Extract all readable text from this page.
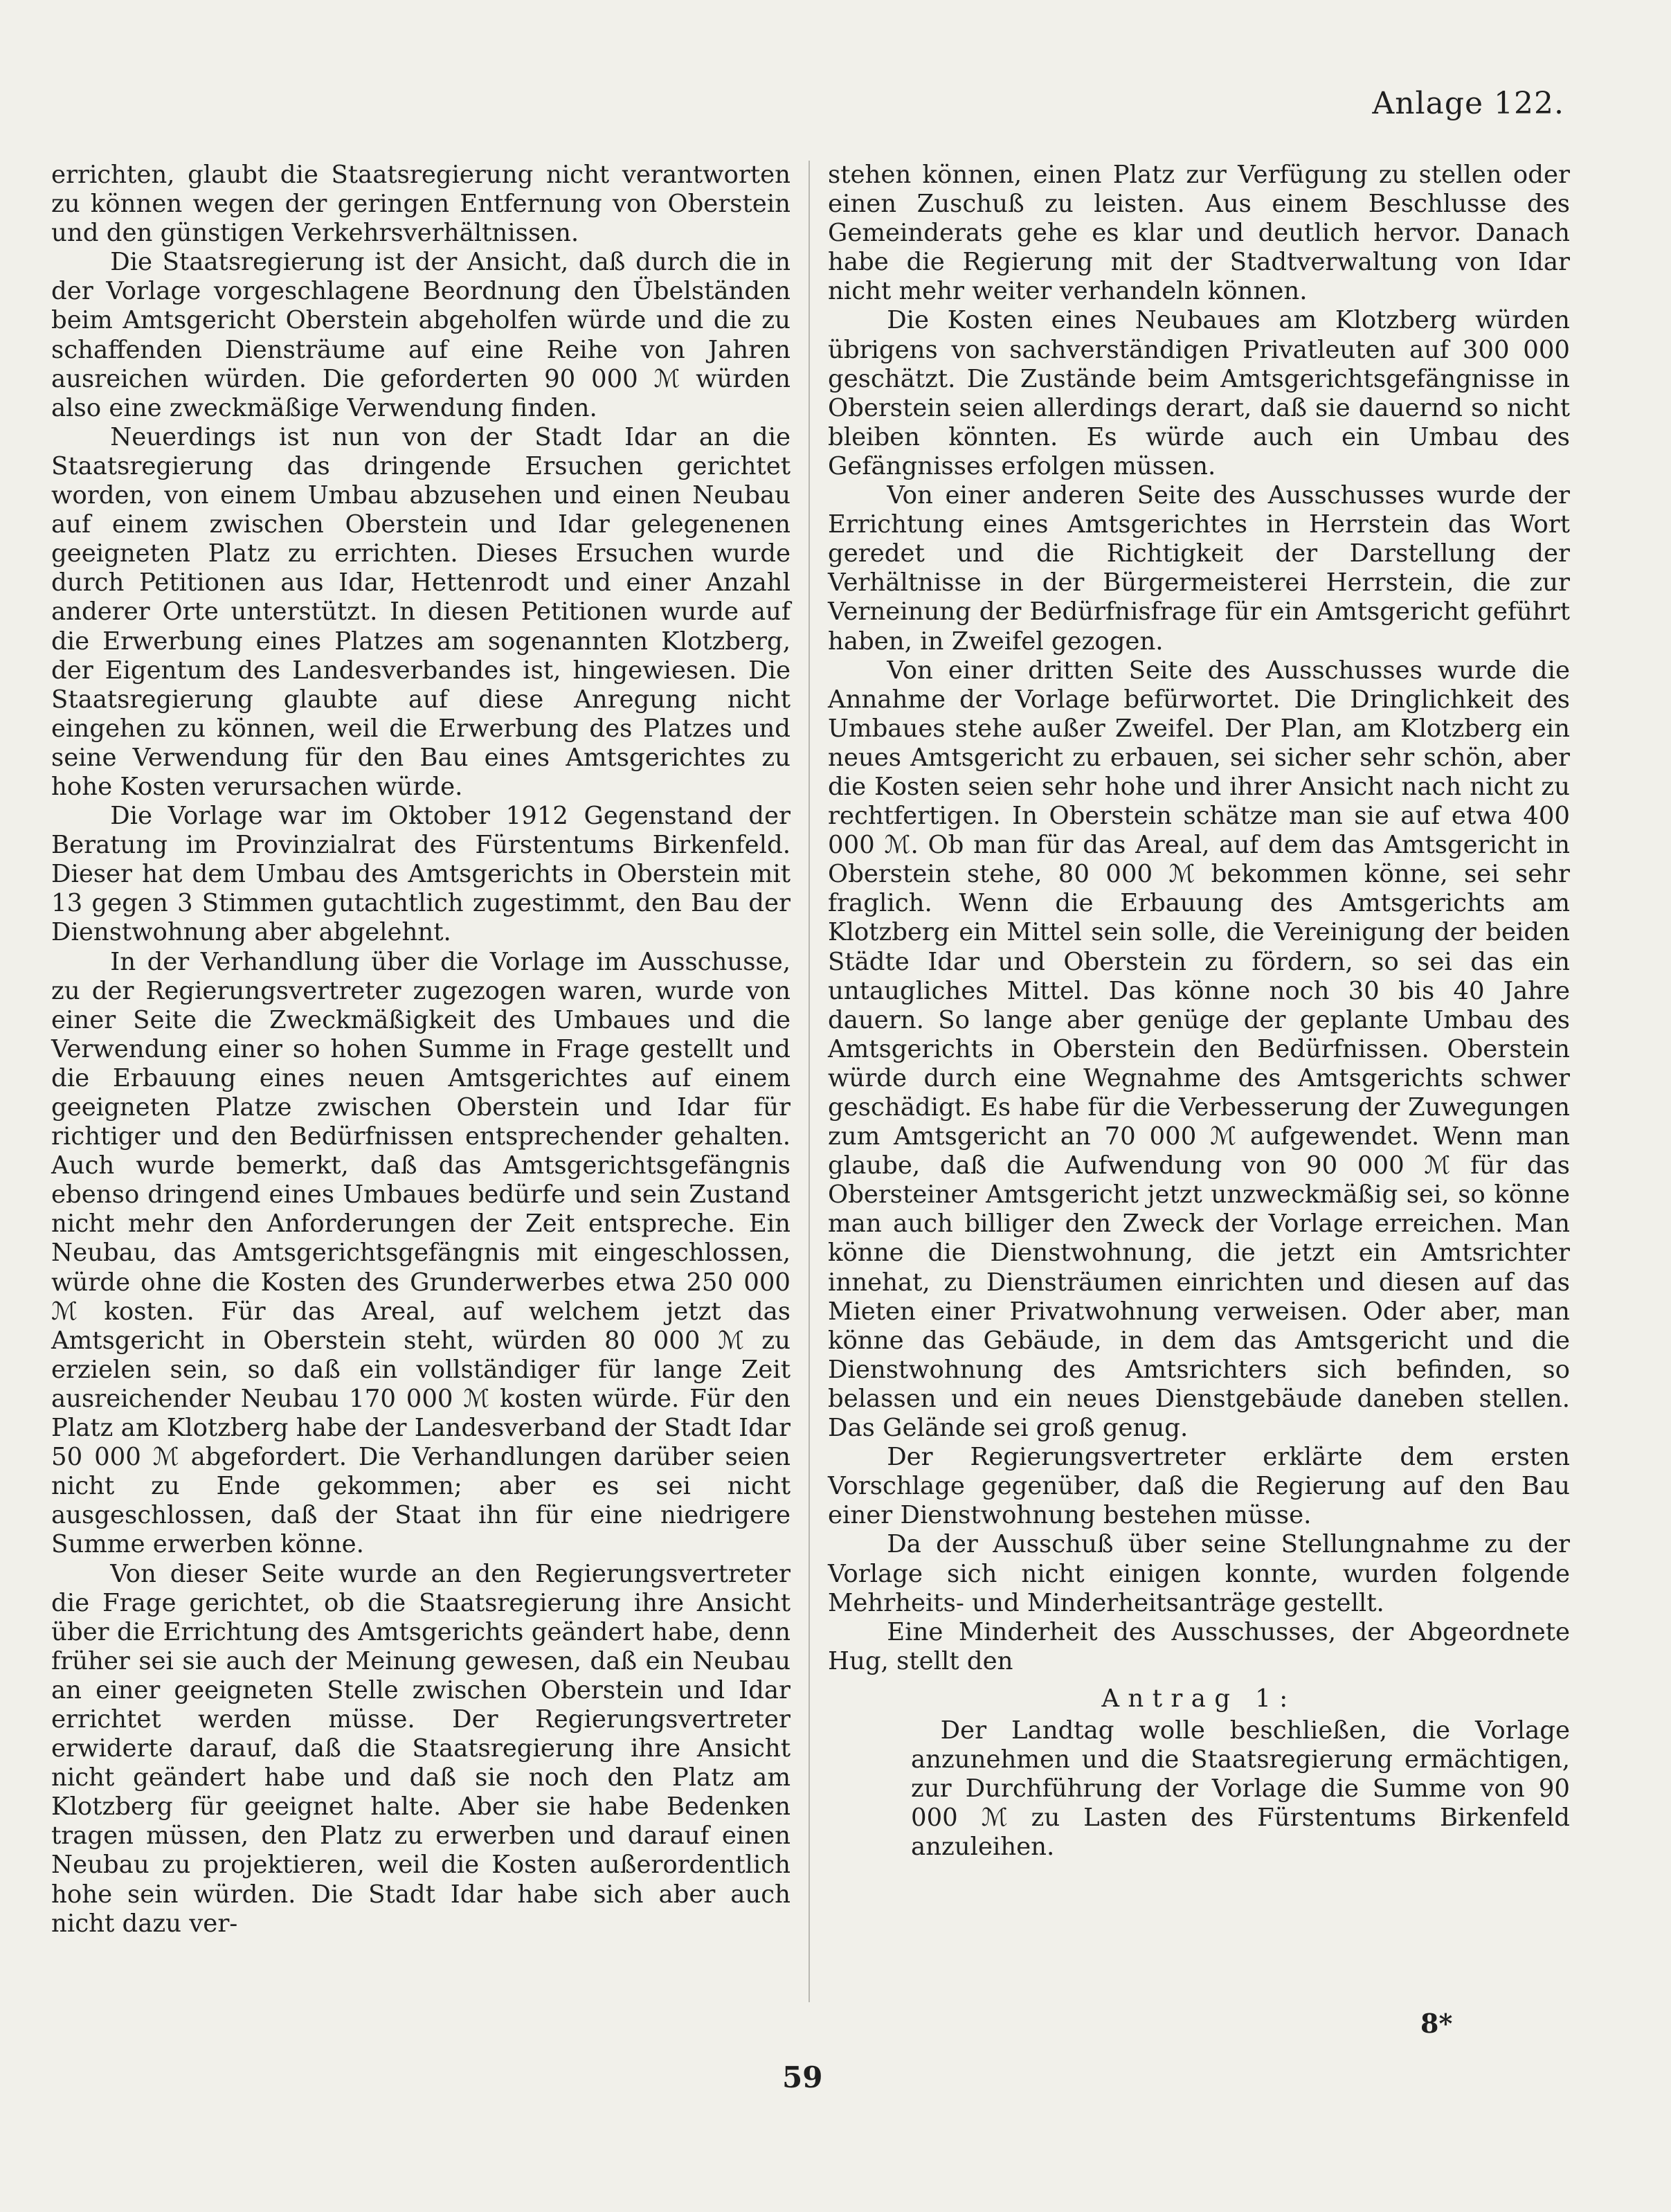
Anlage 122.

errichten, glaubt die Staatsregierung nicht verantworten zu können wegen der geringen Entfernung von Oberstein und den günstigen Verkehrsverhältnissen.

Die Staatsregierung ist der Ansicht, daß durch die in der Vorlage vorgeschlagene Beordnung den Übelständen beim Amtsgericht Oberstein abgeholfen würde und die zu schaffenden Diensträume auf eine Reihe von Jahren ausreichen würden. Die geforderten 90 000 ℳ würden also eine zweckmäßige Verwendung finden.

Neuerdings ist nun von der Stadt Idar an die Staatsregierung das dringende Ersuchen gerichtet worden, von einem Umbau abzusehen und einen Neubau auf einem zwischen Oberstein und Idar gelegenenen geeigneten Platz zu errichten. Dieses Ersuchen wurde durch Petitionen aus Idar, Hettenrodt und einer Anzahl anderer Orte unterstützt. In diesen Petitionen wurde auf die Erwerbung eines Platzes am sogenannten Klotzberg, der Eigentum des Landesverbandes ist, hingewiesen. Die Staatsregierung glaubte auf diese Anregung nicht eingehen zu können, weil die Erwerbung des Platzes und seine Verwendung für den Bau eines Amtsgerichtes zu hohe Kosten verursachen würde.

Die Vorlage war im Oktober 1912 Gegenstand der Beratung im Provinzialrat des Fürstentums Birkenfeld. Dieser hat dem Umbau des Amtsgerichts in Oberstein mit 13 gegen 3 Stimmen gutachtlich zugestimmt, den Bau der Dienstwohnung aber abgelehnt.

In der Verhandlung über die Vorlage im Ausschusse, zu der Regierungsvertreter zugezogen waren, wurde von einer Seite die Zweckmäßigkeit des Umbaues und die Verwendung einer so hohen Summe in Frage gestellt und die Erbauung eines neuen Amtsgerichtes auf einem geeigneten Platze zwischen Oberstein und Idar für richtiger und den Bedürfnissen entsprechender gehalten. Auch wurde bemerkt, daß das Amtsgerichtsgefängnis ebenso dringend eines Umbaues bedürfe und sein Zustand nicht mehr den Anforderungen der Zeit entspreche. Ein Neubau, das Amtsgerichtsgefängnis mit eingeschlossen, würde ohne die Kosten des Grunderwerbes etwa 250 000 ℳ kosten. Für das Areal, auf welchem jetzt das Amtsgericht in Oberstein steht, würden 80 000 ℳ zu erzielen sein, so daß ein vollständiger für lange Zeit ausreichender Neubau 170 000 ℳ kosten würde. Für den Platz am Klotzberg habe der Landesverband der Stadt Idar 50 000 ℳ abgefordert. Die Verhandlungen darüber seien nicht zu Ende gekommen; aber es sei nicht ausgeschlossen, daß der Staat ihn für eine niedrigere Summe erwerben könne.

Von dieser Seite wurde an den Regierungsvertreter die Frage gerichtet, ob die Staatsregierung ihre Ansicht über die Errichtung des Amtsgerichts geändert habe, denn früher sei sie auch der Meinung gewesen, daß ein Neubau an einer geeigneten Stelle zwischen Oberstein und Idar errichtet werden müsse. Der Regierungsvertreter erwiderte darauf, daß die Staatsregierung ihre Ansicht nicht geändert habe und daß sie noch den Platz am Klotzberg für geeignet halte. Aber sie habe Bedenken tragen müssen, den Platz zu erwerben und darauf einen Neubau zu projektieren, weil die Kosten außerordentlich hohe sein würden. Die Stadt Idar habe sich aber auch nicht dazu ver-

stehen können, einen Platz zur Verfügung zu stellen oder einen Zuschuß zu leisten. Aus einem Beschlusse des Gemeinderats gehe es klar und deutlich hervor. Danach habe die Regierung mit der Stadtverwaltung von Idar nicht mehr weiter verhandeln können.

Die Kosten eines Neubaues am Klotzberg würden übrigens von sachverständigen Privatleuten auf 300 000 geschätzt. Die Zustände beim Amtsgerichtsgefängnisse in Oberstein seien allerdings derart, daß sie dauernd so nicht bleiben könnten. Es würde auch ein Umbau des Gefängnisses erfolgen müssen.

Von einer anderen Seite des Ausschusses wurde der Errichtung eines Amtsgerichtes in Herrstein das Wort geredet und die Richtigkeit der Darstellung der Verhältnisse in der Bürgermeisterei Herrstein, die zur Verneinung der Bedürfnisfrage für ein Amtsgericht geführt haben, in Zweifel gezogen.

Von einer dritten Seite des Ausschusses wurde die Annahme der Vorlage befürwortet. Die Dringlichkeit des Umbaues stehe außer Zweifel. Der Plan, am Klotzberg ein neues Amtsgericht zu erbauen, sei sicher sehr schön, aber die Kosten seien sehr hohe und ihrer Ansicht nach nicht zu rechtfertigen. In Oberstein schätze man sie auf etwa 400 000 ℳ. Ob man für das Areal, auf dem das Amtsgericht in Oberstein stehe, 80 000 ℳ bekommen könne, sei sehr fraglich. Wenn die Erbauung des Amtsgerichts am Klotzberg ein Mittel sein solle, die Vereinigung der beiden Städte Idar und Oberstein zu fördern, so sei das ein untaugliches Mittel. Das könne noch 30 bis 40 Jahre dauern. So lange aber genüge der geplante Umbau des Amtsgerichts in Oberstein den Bedürfnissen. Oberstein würde durch eine Wegnahme des Amtsgerichts schwer geschädigt. Es habe für die Verbesserung der Zuwegungen zum Amtsgericht an 70 000 ℳ aufgewendet. Wenn man glaube, daß die Aufwendung von 90 000 ℳ für das Obersteiner Amtsgericht jetzt unzweckmäßig sei, so könne man auch billiger den Zweck der Vorlage erreichen. Man könne die Dienstwohnung, die jetzt ein Amtsrichter innehat, zu Diensträumen einrichten und diesen auf das Mieten einer Privatwohnung verweisen. Oder aber, man könne das Gebäude, in dem das Amtsgericht und die Dienstwohnung des Amtsrichters sich befinden, so belassen und ein neues Dienstgebäude daneben stellen. Das Gelände sei groß genug.

Der Regierungsvertreter erklärte dem ersten Vorschlage gegenüber, daß die Regierung auf den Bau einer Dienstwohnung bestehen müsse.

Da der Ausschuß über seine Stellungnahme zu der Vorlage sich nicht einigen konnte, wurden folgende Mehrheits- und Minderheitsanträge gestellt.

Eine Minderheit des Ausschusses, der Abgeordnete Hug, stellt den

Antrag 1:

Der Landtag wolle beschließen, die Vorlage anzunehmen und die Staatsregierung ermächtigen, zur Durchführung der Vorlage die Summe von 90 000 ℳ zu Lasten des Fürstentums Birkenfeld anzuleihen.

8*
59
